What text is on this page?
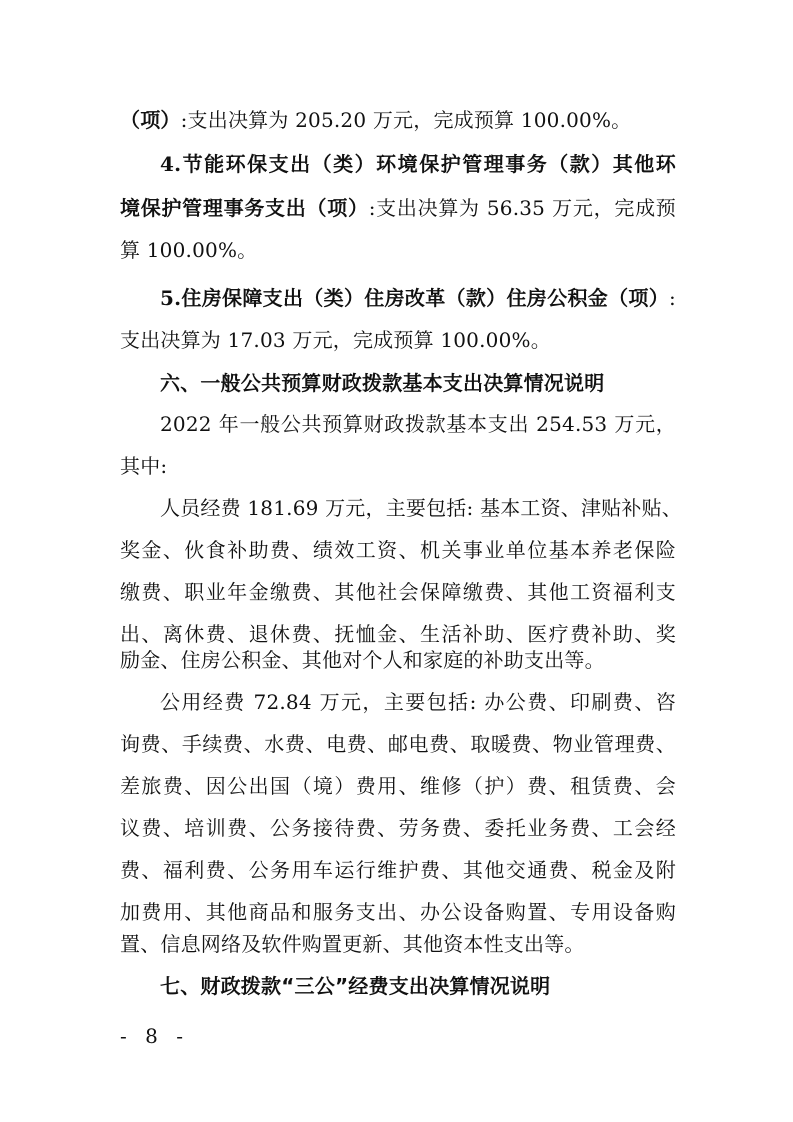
（项）:支出决算为 205.20 万元，完成预算 100.00%。
4.节能环保支出（类）环境保护管理事务（款）其他环
境保护管理事务支出（项）:支出决算为 56.35 万元，完成预
算 100.00%。
5.住房保障支出（类）住房改革（款）住房公积金（项）:
支出决算为 17.03 万元，完成预算 100.00%。
六、一般公共预算财政拨款基本支出决算情况说明
2022 年一般公共预算财政拨款基本支出 254.53 万元，
其中:
人员经费 181.69 万元，主要包括: 基本工资、津贴补贴、
奖金、伙食补助费、绩效工资、机关事业单位基本养老保险
缴费、职业年金缴费、其他社会保障缴费、其他工资福利支
出、离休费、退休费、抚恤金、生活补助、医疗费补助、奖
励金、住房公积金、其他对个人和家庭的补助支出等。
公用经费 72.84 万元，主要包括: 办公费、印刷费、咨
询费、手续费、水费、电费、邮电费、取暖费、物业管理费、
差旅费、因公出国（境）费用、维修（护）费、租赁费、会
议费、培训费、公务接待费、劳务费、委托业务费、工会经
费、福利费、公务用车运行维护费、其他交通费、税金及附
加费用、其他商品和服务支出、办公设备购置、专用设备购
置、信息网络及软件购置更新、其他资本性支出等。
七、财政拨款“三公”经费支出决算情况说明
- 8 -
